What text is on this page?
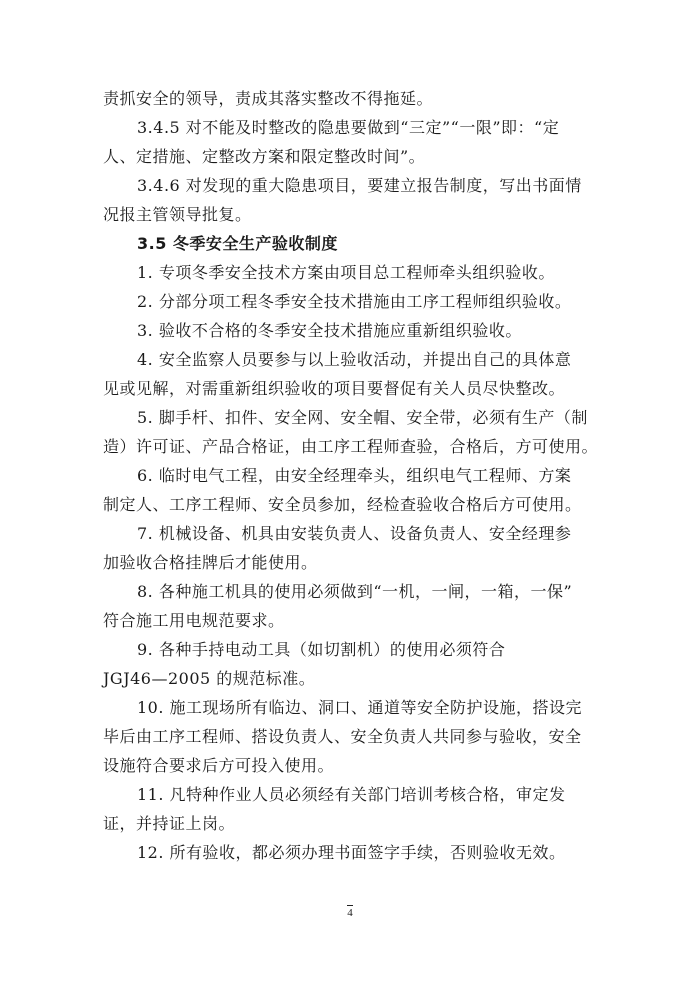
责抓安全的领导，责成其落实整改不得拖延。
3.4.5 对不能及时整改的隐患要做到“三定”“一限”即：“定
人、定措施、定整改方案和限定整改时间”。
3.4.6 对发现的重大隐患项目，要建立报告制度，写出书面情
况报主管领导批复。
3.5 冬季安全生产验收制度
1. 专项冬季安全技术方案由项目总工程师牵头组织验收。
2. 分部分项工程冬季安全技术措施由工序工程师组织验收。
3. 验收不合格的冬季安全技术措施应重新组织验收。
4. 安全监察人员要参与以上验收活动，并提出自己的具体意
见或见解，对需重新组织验收的项目要督促有关人员尽快整改。
5. 脚手杆、扣件、安全网、安全帽、安全带，必须有生产（制
造）许可证、产品合格证，由工序工程师查验，合格后，方可使用。
6. 临时电气工程，由安全经理牵头，组织电气工程师、方案
制定人、工序工程师、安全员参加，经检查验收合格后方可使用。
7. 机械设备、机具由安装负责人、设备负责人、安全经理参
加验收合格挂牌后才能使用。
8. 各种施工机具的使用必须做到“一机，一闸，一箱，一保”
符合施工用电规范要求。
9. 各种手持电动工具（如切割机）的使用必须符合
JGJ46—2005 的规范标准。
10. 施工现场所有临边、洞口、通道等安全防护设施，搭设完
毕后由工序工程师、搭设负责人、安全负责人共同参与验收，安全
设施符合要求后方可投入使用。
11. 凡特种作业人员必须经有关部门培训考核合格，审定发
证，并持证上岗。
12. 所有验收，都必须办理书面签字手续，否则验收无效。
4
